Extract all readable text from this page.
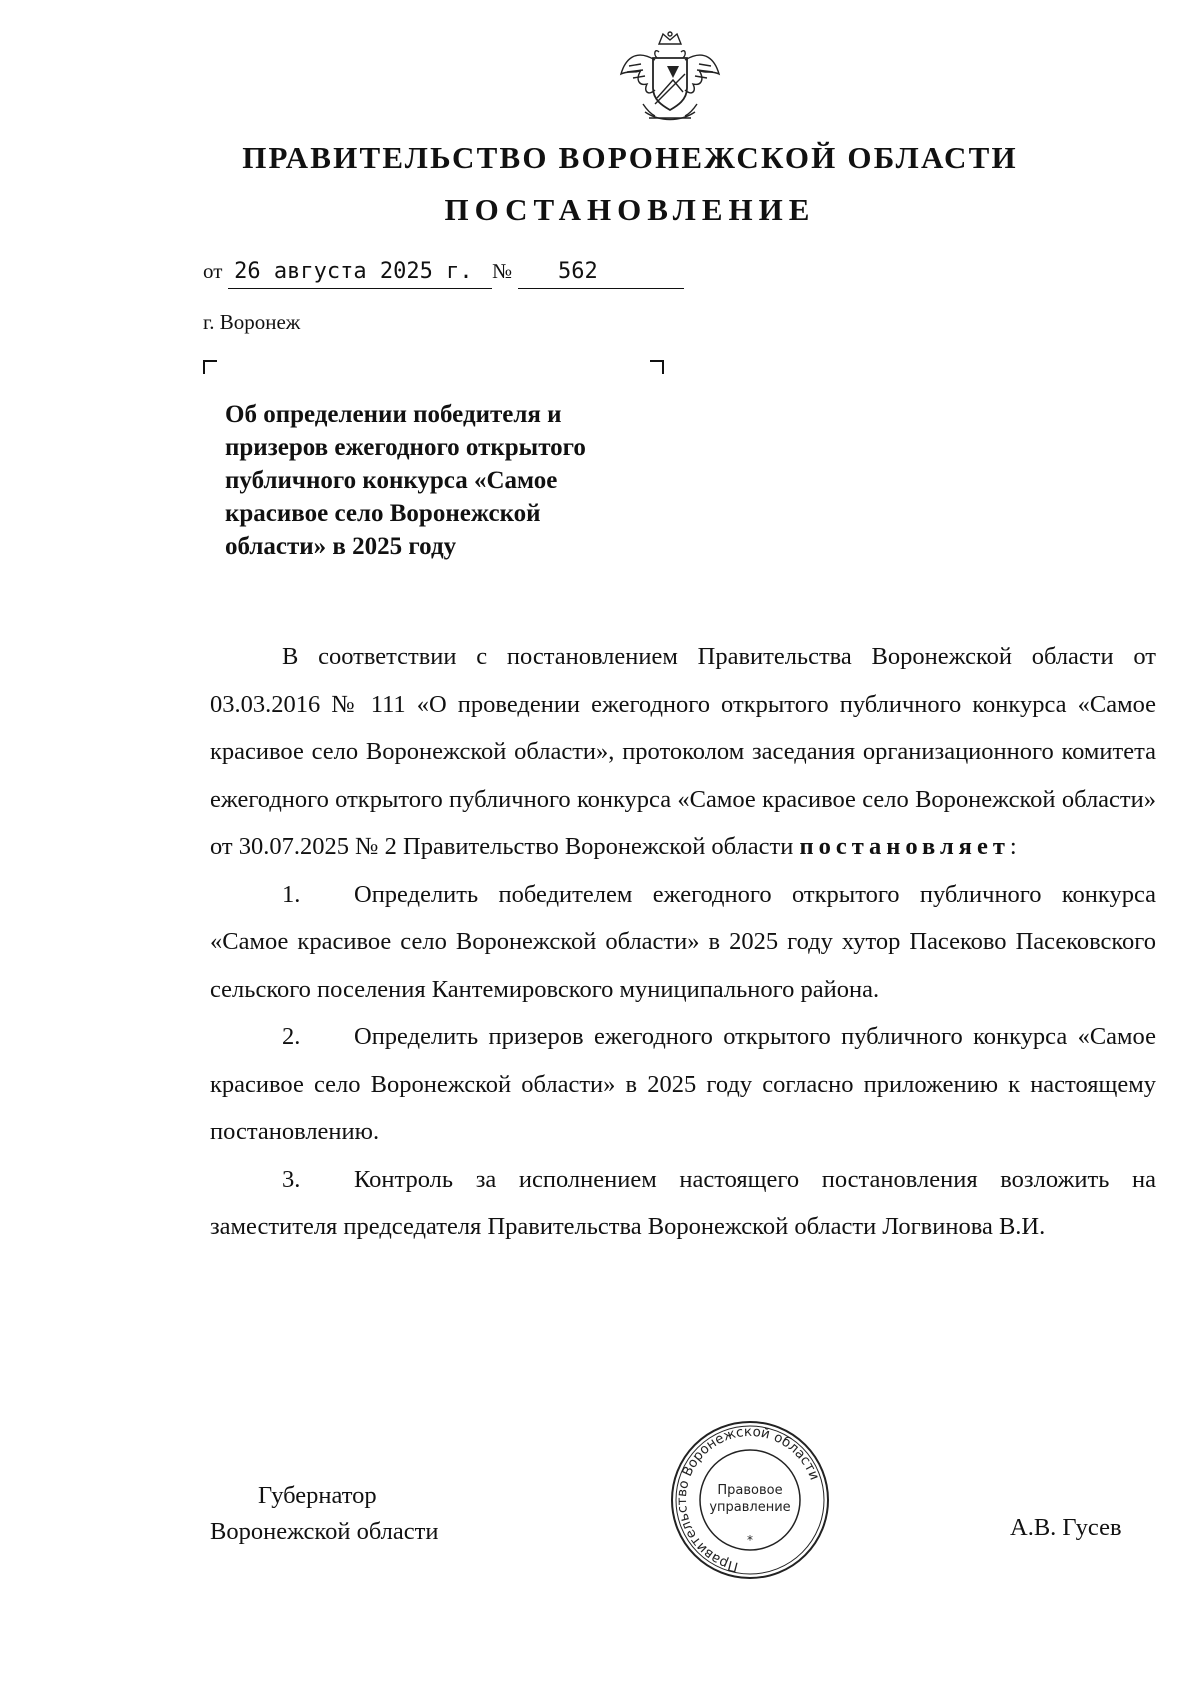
ПРАВИТЕЛЬСТВО ВОРОНЕЖСКОЙ ОБЛАСТИ
ПОСТАНОВЛЕНИЕ
от 26 августа 2025 г. № 562
г. Воронеж
Об определении победителя и
призеров ежегодного открытого
публичного конкурса «Самое
красивое село Воронежской
области» в 2025 году

В соответствии с постановлением Правительства Воронежской области от 03.03.2016 № 111 «О проведении ежегодного открытого публичного конкурса «Самое красивое село Воронежской области», протоколом заседания организационного комитета ежегодного открытого публичного конкурса «Самое красивое село Воронежской области» от 30.07.2025 № 2 Правительство Воронежской области постановляет:

1. Определить победителем ежегодного открытого публичного конкурса «Самое красивое село Воронежской области» в 2025 году хутор Пасеково Пасековского сельского поселения Кантемировского муниципального района.

2. Определить призеров ежегодного открытого публичного конкурса «Самое красивое село Воронежской области» в 2025 году согласно приложению к настоящему постановлению.

3. Контроль за исполнением настоящего постановления возложить на заместителя председателя Правительства Воронежской области Логвинова В.И.

Губернатор
Воронежской области	А.В. Гусев
Правительство Воронежской области
Правовое
управление
*
